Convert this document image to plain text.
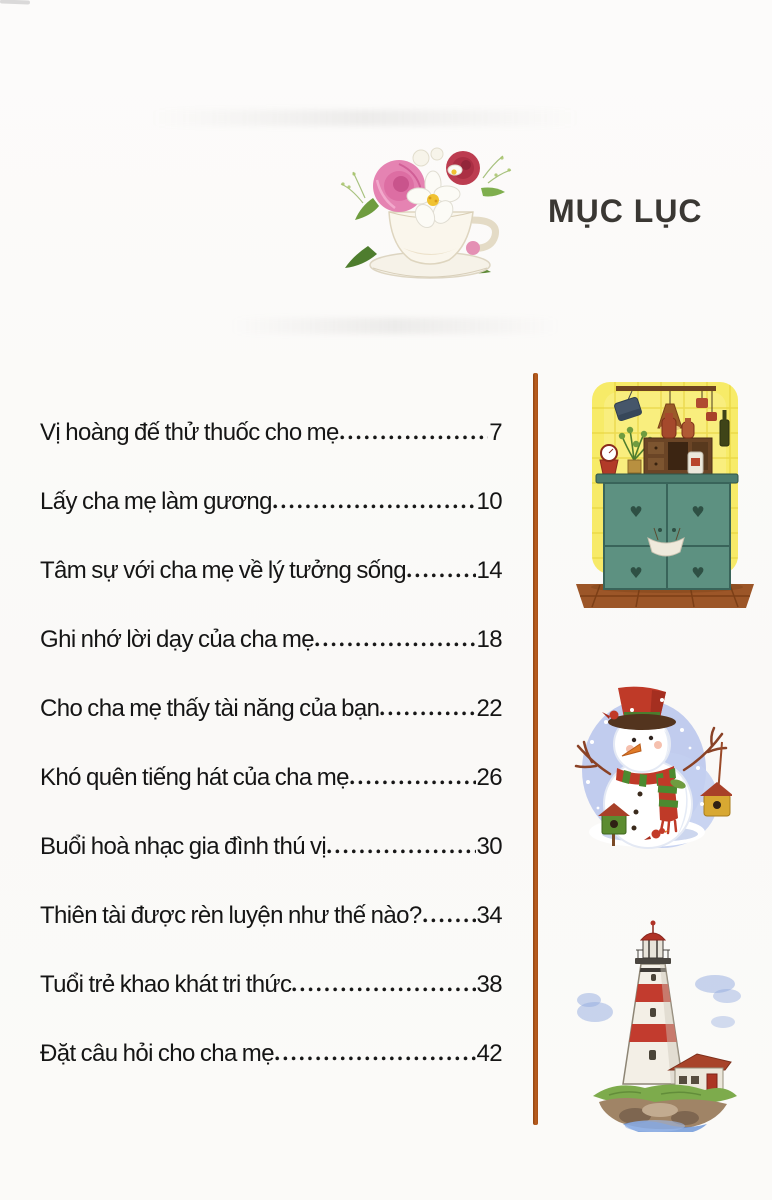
MỤC LỤC
Vị hoàng đế thử thuốc cho mẹ	7
Lấy cha mẹ làm gương	10
Tâm sự với cha mẹ về lý tưởng sống	14
Ghi nhớ lời dạy của cha mẹ	18
Cho cha mẹ thấy tài năng của bạn	22
Khó quên tiếng hát của cha mẹ	26
Buổi hoà nhạc gia đình thú vị	30
Thiên tài được rèn luyện như thế nào? 34
Tuổi trẻ khao khát tri thức	38
Đặt câu hỏi cho cha mẹ	42
♥	♥
♥	♥
